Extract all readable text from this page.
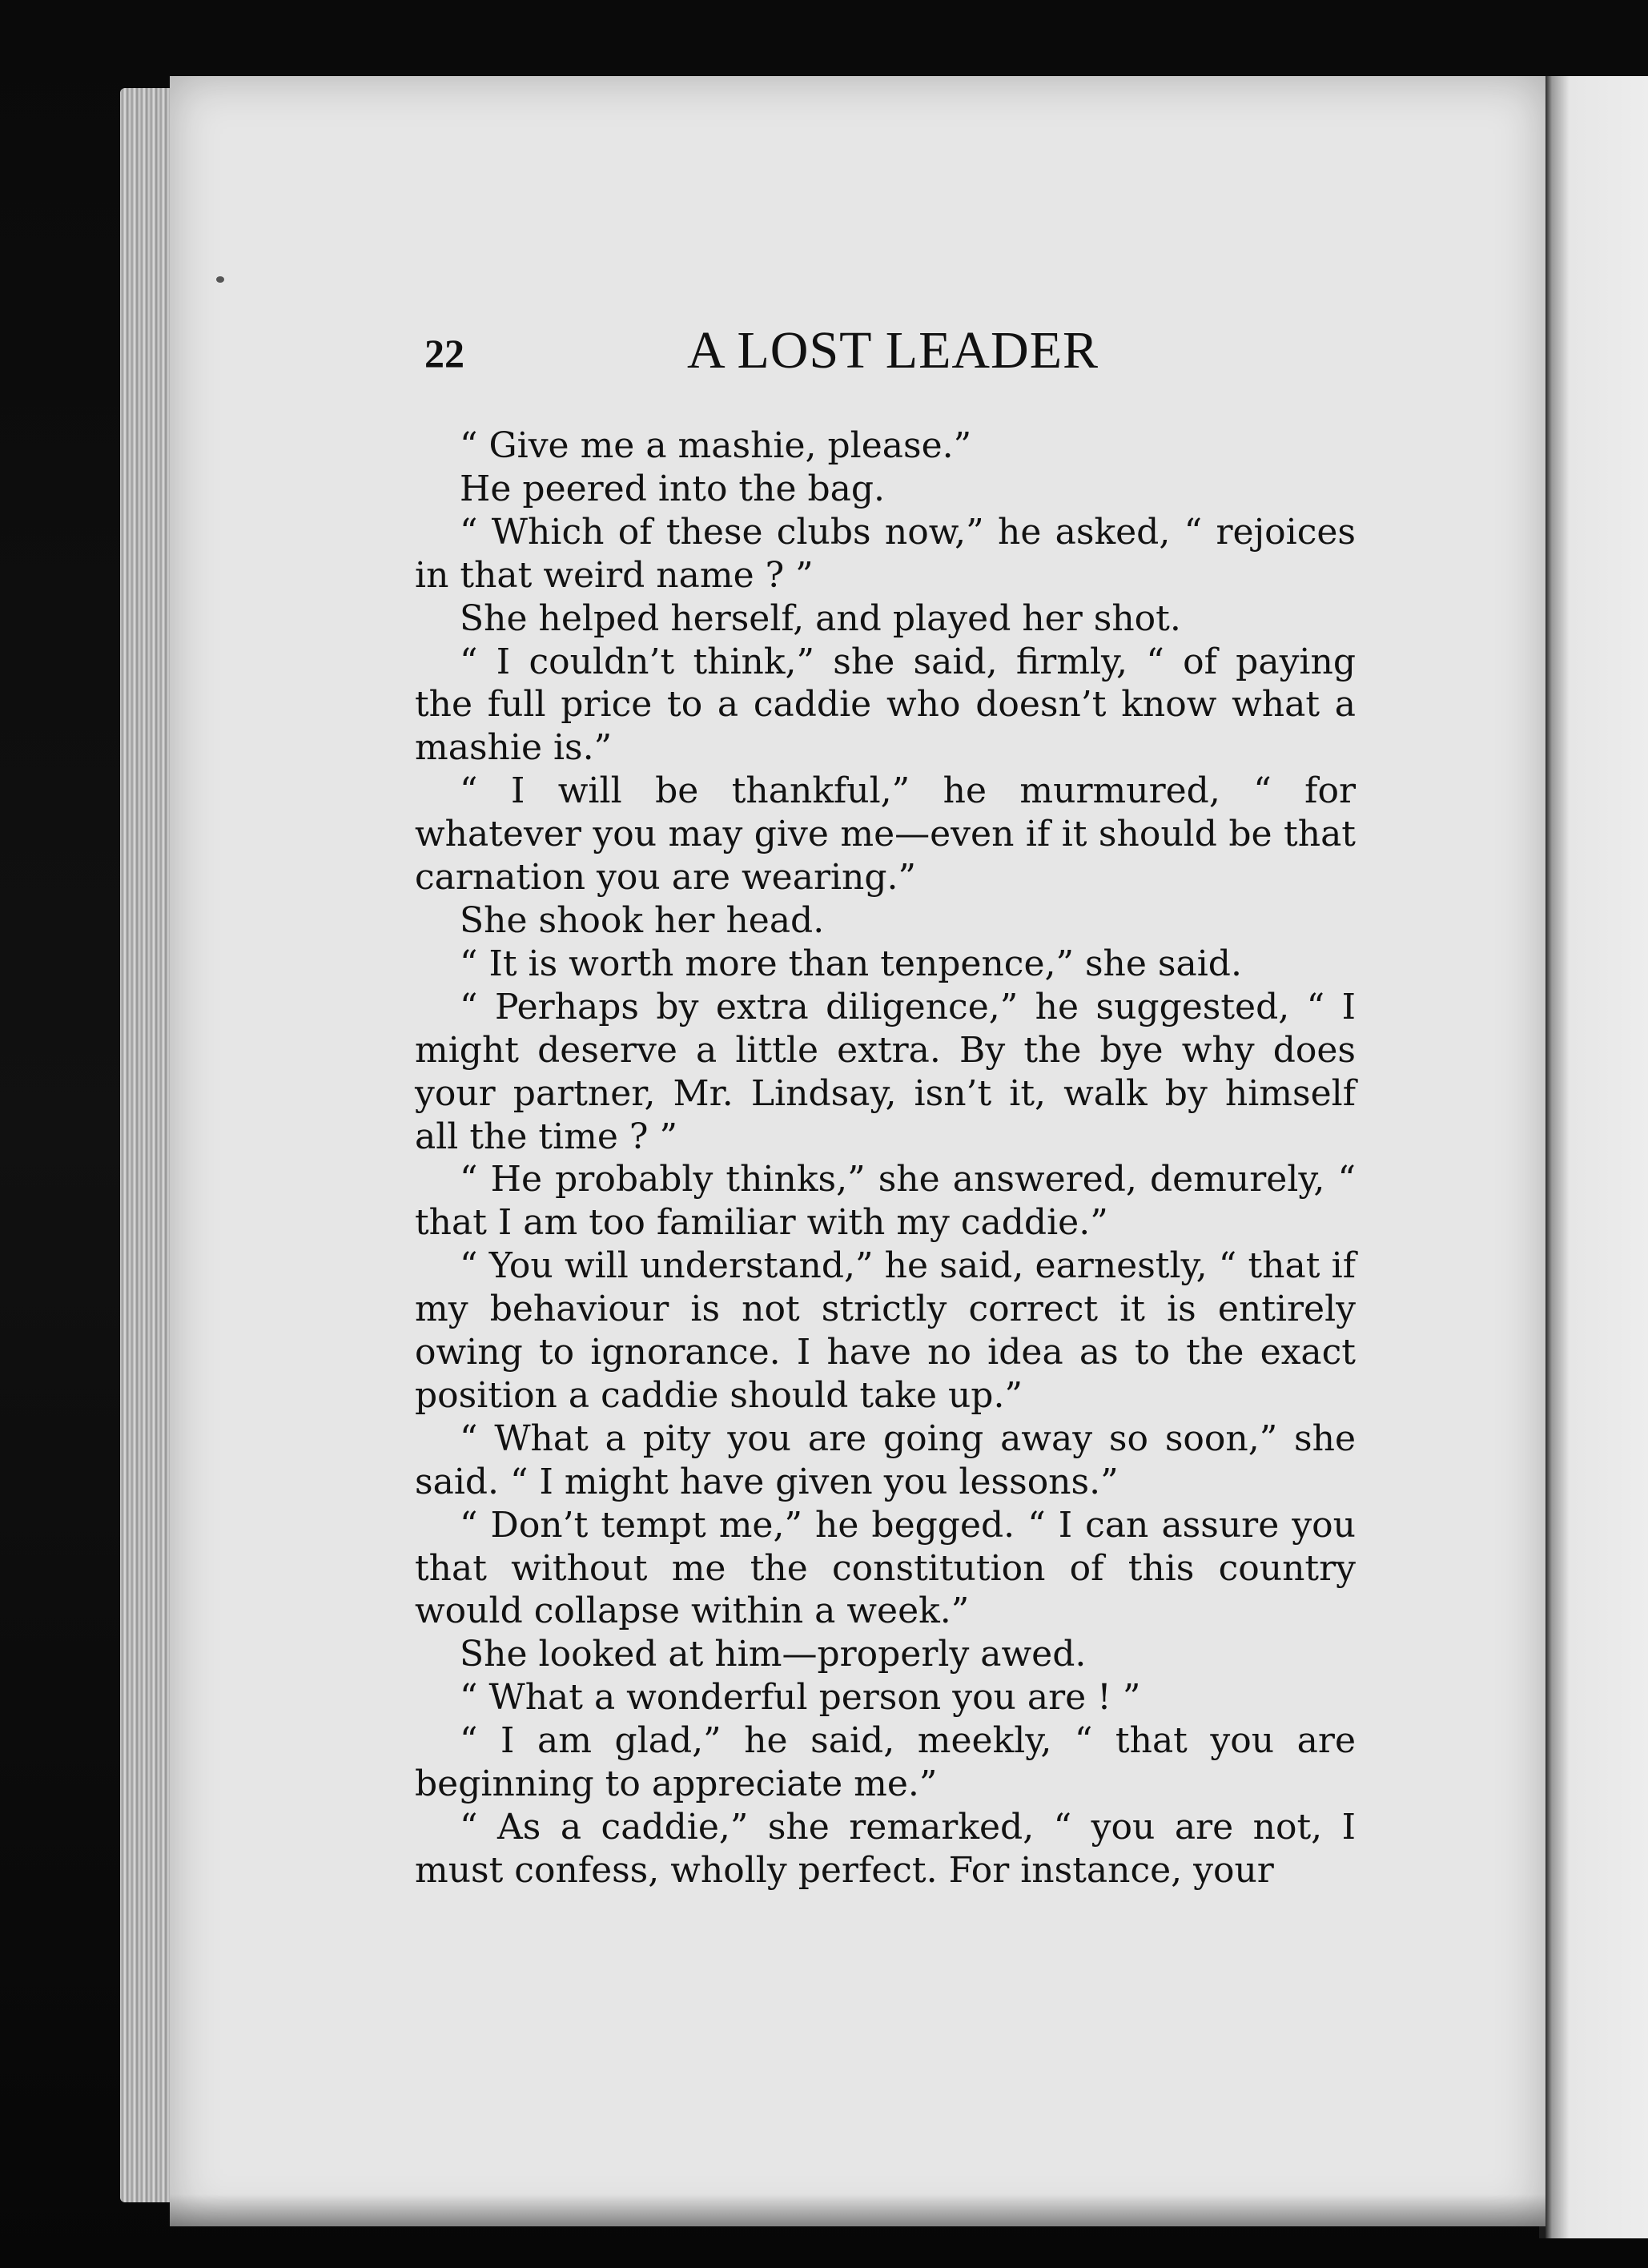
22	A LOST LEADER

“ Give me a mashie, please.”

He peered into the bag.

“ Which of these clubs now,” he asked, “ rejoices in that weird name ? ”

She helped herself, and played her shot.

“ I couldn’t think,” she said, firmly, “ of paying the full price to a caddie who doesn’t know what a mashie is.”

“ I will be thankful,” he murmured, “ for whatever you may give me—even if it should be that carnation you are wearing.”

She shook her head.

“ It is worth more than tenpence,” she said.

“ Perhaps by extra diligence,” he suggested, “ I might deserve a little extra. By the bye why does your partner, Mr. Lindsay, isn’t it, walk by himself all the time ? ”

“ He probably thinks,” she answered, demurely, “ that I am too familiar with my caddie.”

“ You will understand,” he said, earnestly, “ that if my behaviour is not strictly correct it is entirely owing to ignorance. I have no idea as to the exact position a caddie should take up.”

“ What a pity you are going away so soon,” she said. “ I might have given you lessons.”

“ Don’t tempt me,” he begged. “ I can assure you that without me the constitution of this country would collapse within a week.”

She looked at him—properly awed.

“ What a wonderful person you are ! ”

“ I am glad,” he said, meekly, “ that you are beginning to appreciate me.”

“ As a caddie,” she remarked, “ you are not, I must confess, wholly perfect. For instance, your
